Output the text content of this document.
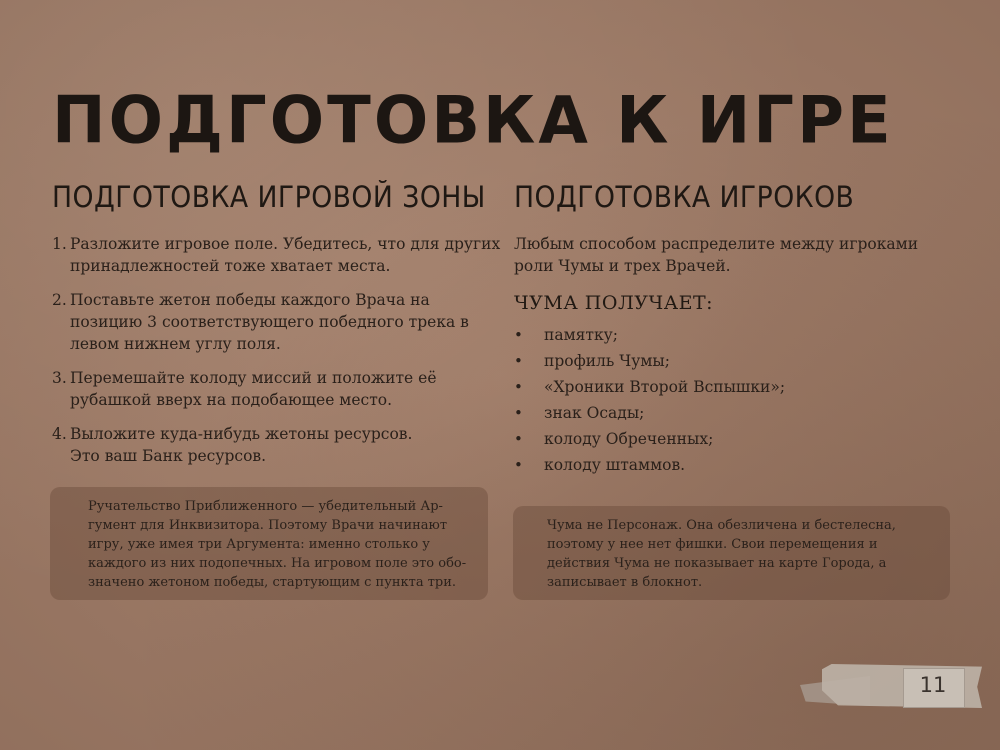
ПОДГОТОВКА К ИГРЕ
ПОДГОТОВКА ИГРОВОЙ ЗОНЫ ПОДГОТОВКА ИГРОКОВ
1. Разложите игровое поле. Убедитесь, что для других
принадлежностей тоже хватает места.
2. Поставьте жетон победы каждого Врача на
позицию 3 соответствующего победного трека в
левом нижнем углу поля.
3. Перемешайте колоду миссий и положите её
рубашкой вверх на подобающее место.
4. Выложите куда-нибудь жетоны ресурсов.
Это ваш Банк ресурсов.
Ручательство Приближенного — убедительный Ар-
гумент для Инквизитора. Поэтому Врачи начинают
игру, уже имея три Аргумента: именно столько у
каждого из них подопечных. На игровом поле это обо-
значено жетоном победы, стартующим с пункта три.
Любым способом распределите между игроками
роли Чумы и трех Врачей.
ЧУМА ПОЛУЧАЕТ:
• памятку;
• профиль Чумы;
• «Хроники Второй Вспышки»;
• знак Осады;
• колоду Обреченных;
• колоду штаммов.
Чума не Персонаж. Она обезличена и бестелесна,
поэтому у нее нет фишки. Свои перемещения и
действия Чума не показывает на карте Города, а
записывает в блокнот.
11
